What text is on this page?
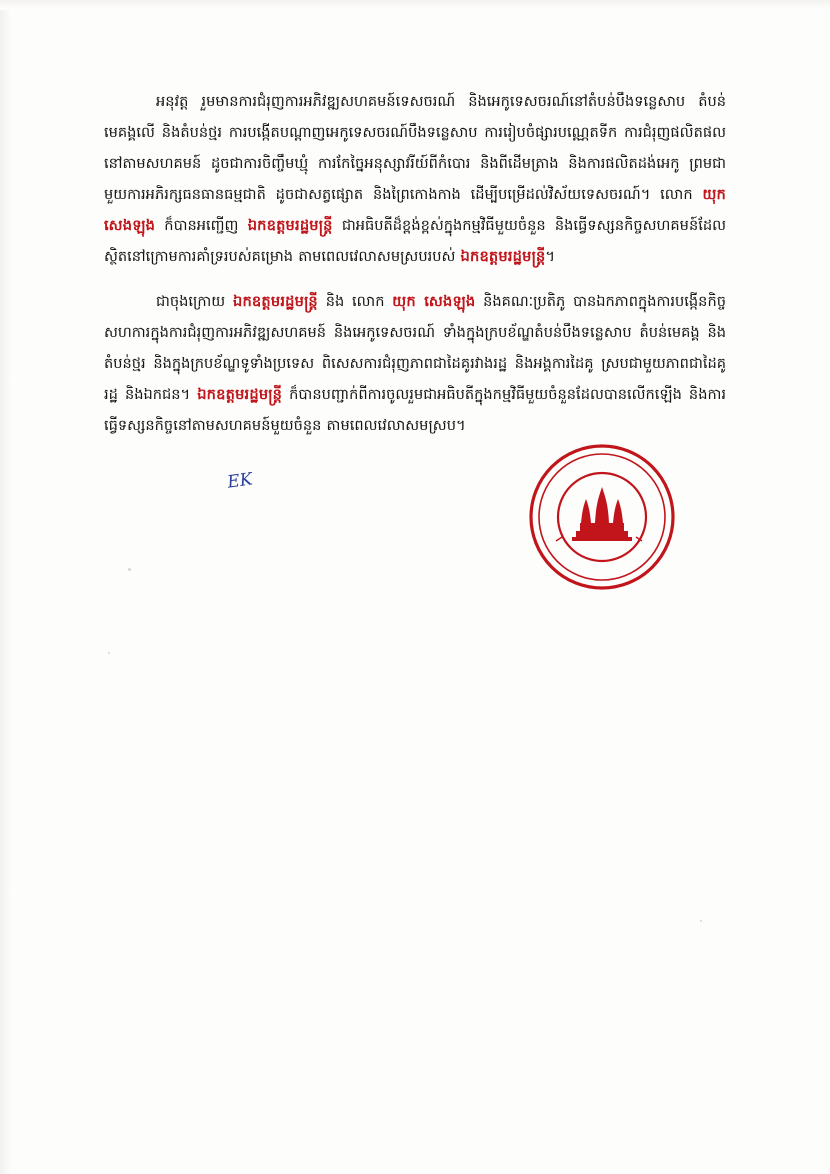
អនុវត្ត រួមមានការជំរុញការអភិវឌ្ឍសហគមន៍ទេសចរណ៍ និងអេកូទេសចរណ៍នៅតំបន់បឹងទន្លេសាប តំបន់មេគង្គលើ និងតំបន់ថ្មរ ការបង្កើតបណ្ដាញអេកូទេសចរណ៍បឹងទន្លេសាប ការរៀបចំផ្សារបណ្ណេតទីក ការជំរុញផលិតផលនៅតាមសហគមន៍ ដូចជាការចិញ្ចឹមឃ្មុំ ការកែច្នៃអនុស្សាវរីយ៍ពីកំបោរ និងពីដើមត្រាង និងការផលិតដង់អេកូ ព្រមជាមួយការអភិរក្សធនធានធម្មជាតិ ដូចជាសត្វផ្សោត និងព្រៃកោងកាង ដើម្បីបម្រើដល់វិស័យទេសចរណ៍។ លោក យុក សេងឡុង ក៏បានអញ្ជើញ ឯកឧត្តមរដ្ឋមន្ត្រី ជាអធិបតីដ៏ខ្ពង់ខ្ពស់ក្នុងកម្មវិធីមួយចំនួន និងធ្វើទស្សនកិច្ចសហគមន៍ដែលស្ថិតនៅក្រោមការគាំទ្ររបស់គម្រោង តាមពេលវេលាសមស្របរបស់ ឯកឧត្តមរដ្ឋមន្ត្រី។

ជាចុងក្រោយ ឯកឧត្តមរដ្ឋមន្ត្រី និង លោក យុក សេងឡុង និងគណៈប្រតិភូ បានឯកភាពក្នុងការបង្កើនកិច្ចសហការក្នុងការជំរុញការអភិវឌ្ឍសហគមន៍ និងអេកូទេសចរណ៍ ទាំងក្នុងក្របខ័ណ្ឌតំបន់បឹងទន្លេសាប តំបន់មេគង្គ និងតំបន់ថ្មរ និងក្នុងក្របខ័ណ្ឌទូទាំងប្រទេស ពិសេសការជំរុញភាពជាដៃគូរវាងរដ្ឋ និងអង្គការដៃគូ ស្របជាមួយភាពជាដៃគូរដ្ឋ និងឯកជន។ ឯកឧត្តមរដ្ឋមន្ត្រី ក៏បានបញ្ជាក់ពីការចូលរួមជាអធិបតីក្នុងកម្មវិធីមួយចំនួនដែលបានលើកឡើង និងការធ្វើទស្សនកិច្ចនៅតាមសហគមន៍មួយចំនួន តាមពេលវេលាសមស្រប។

EK
